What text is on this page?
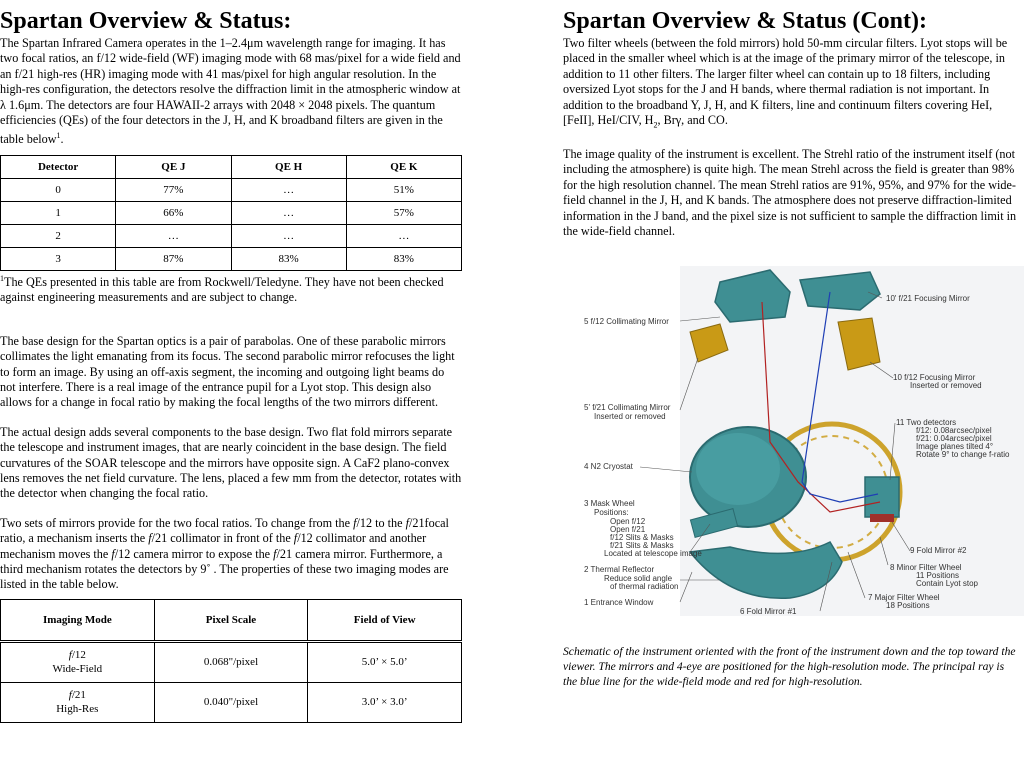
Spartan Overview & Status:

The Spartan Infrared Camera operates in the 1–2.4μm wavelength range for imaging. It has two focal ratios, an f/12 wide-field (WF) imaging mode with 68 mas/pixel for a wide field and an f/21 high-res (HR) imaging mode with 41 mas/pixel for high angular resolution. In the high-res configuration, the detectors resolve the diffraction limit in the atmospheric window at λ 1.6μm. The detectors are four HAWAII-2 arrays with 2048 × 2048 pixels. The quantum efficiencies (QEs) of the four detectors in the J, H, and K broadband filters are given in the table below$^1$.

Detector	QE J	QE H	QE K
0	77%	…	51%
1	66%	…	57%
2	…	…	…
3	87%	83%	83%

$^1$The QEs presented in this table are from Rockwell/Teledyne. They have not been checked against engineering measurements and are subject to change.

The base design for the Spartan optics is a pair of parabolas. One of these parabolic mirrors collimates the light emanating from its focus. The second parabolic mirror refocuses the light to form an image. By using an off-axis segment, the incoming and outgoing light beams do not interfere. There is a real image of the entrance pupil for a Lyot stop. This design also allows for a change in focal ratio by making the focal lengths of the two mirrors different.

The actual design adds several components to the base design. Two flat fold mirrors separate the telescope and instrument images, that are nearly coincident in the base design. The field curvatures of the SOAR telescope and the mirrors have opposite sign. A CaF2 plano-convex lens removes the net field curvature. The lens, placed a few mm from the detector, rotates with the detector when changing the focal ratio.

Two sets of mirrors provide for the two focal ratios. To change from the f/12 to the f/21focal ratio, a mechanism inserts the f/21 collimator in front of the f/12 collimator and another mechanism moves the f/12 camera mirror to expose the f/21 camera mirror. Furthermore, a third mechanism rotates the detectors by 9˚ . The properties of these two imaging modes are listed in the table below.

Imaging Mode	Pixel Scale	Field of View
f/12
Wide-Field	0.068"/pixel	5.0’ × 5.0’
f/21
High-Res	0.040"/pixel	3.0’ × 3.0’
Spartan Overview & Status (Cont):

Two filter wheels (between the fold mirrors) hold 50-mm circular filters. Lyot stops will be placed in the smaller wheel which is at the image of the primary mirror of the telescope, in addition to 11 other filters. The larger filter wheel can contain up to 18 filters, including oversized Lyot stops for the J and H bands, where thermal radiation is not important. In addition to the broadband Y, J, H, and K filters, line and continuum filters covering HeI, [FeII], HeI/CIV, $H_2$, Brγ, and CO.

The image quality of the instrument is excellent. The Strehl ratio of the instrument itself (not including the atmosphere) is quite high. The mean Strehl across the field is greater than 98% for the high resolution channel. The mean Strehl ratios are 91%, 95%, and 97% for the wide-field channel in the J, H, and K bands. The atmosphere does not preserve diffraction-limited information in the J band, and the pixel size is not sufficient to sample the diffraction limit in the wide-field channel.

5 f/12 Collimating Mirror
5' f/21 Collimating Mirror
Inserted or removed
4 N2 Cryostat
3 Mask Wheel
Positions:
Open f/12
Open f/21
f/12 Slits & Masks
f/21 Slits & Masks
Located at telescope image
2 Thermal Reflector
Reduce solid angle
of thermal radiation
1 Entrance Window
6 Fold Mirror #1
10' f/21 Focusing Mirror
10 f/12 Focusing Mirror
Inserted or removed
11 Two detectors
f/12: 0.08arcsec/pixel
f/21: 0.04arcsec/pixel
Image planes tilted 4°
Rotate 9° to change f-ratio
9 Fold Mirror #2
8 Minor Filter Wheel
11 Positions
Contain Lyot stop
7 Major Filter Wheel
18 Positions

Schematic of the instrument oriented with the front of the instrument down and the top toward the viewer. The mirrors and 4-eye are positioned for the high-resolution mode. The principal ray is the blue line for the wide-field mode and red for high-resolution.
